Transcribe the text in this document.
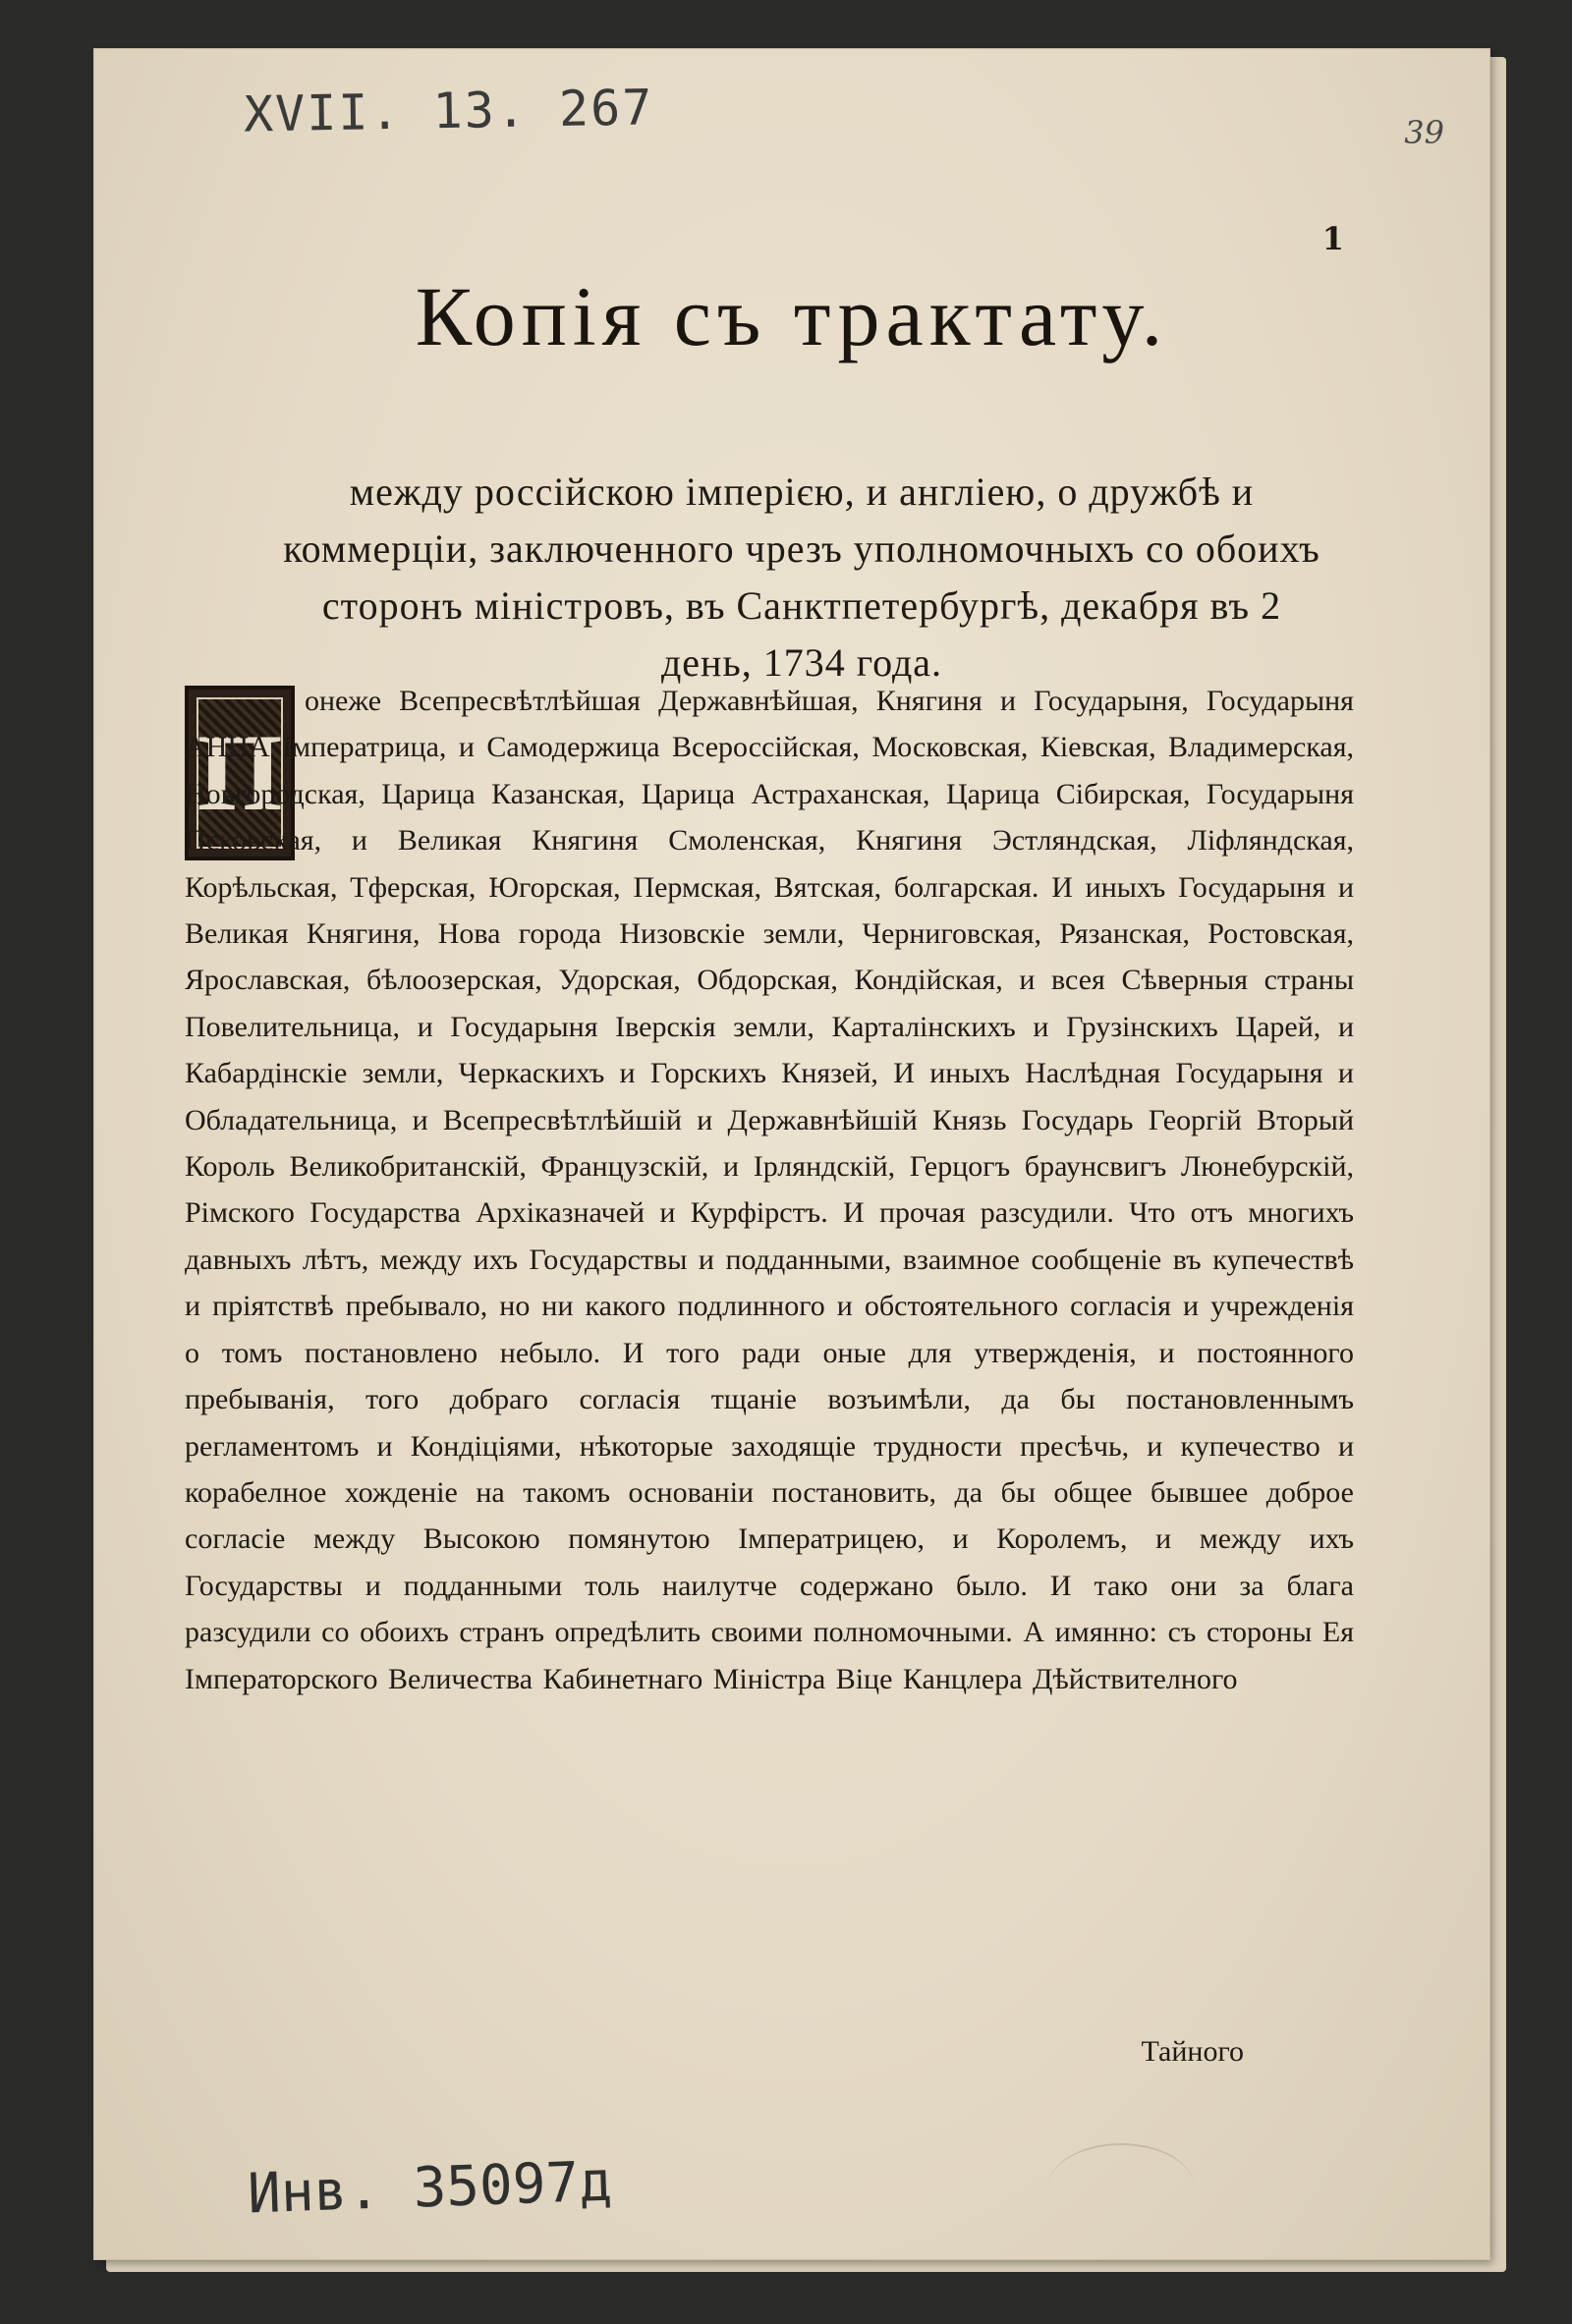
XVII. 13. 267	39
1
Копія съ трактату.
между россійскою імперією, и англіею, о дружбѣ и коммерціи, заключенного чрезъ уполномочныхъ со обоихъ сторонъ міністровъ, въ Санктпетербургѣ, декабря въ 2 день, 1734 года.
П
онеже Всепресвѣтлѣйшая Державнѣйшая, Княгиня и Государыня, Государыня АННА Імператрица, и Самодержица Всероссійская, Московская, Кіевская, Владимерская, Новгородская, Царица Казанская, Царица Астраханская, Царица Сібирская, Государыня Псковская, и Великая Княгиня Смоленская, Княгиня Эстляндская, Ліфляндская, Корѣльская, Тферская, Югорская, Пермская, Вятская, болгарская. И иныхъ Государыня и Великая Княгиня, Нова города Низовскіе земли, Черниговская, Рязанская, Ростовская, Ярославская, бѣлоозерская, Удорская, Обдорская, Кондійская, и всея Сѣверныя страны Повелительница, и Государыня Іверскія земли, Карталінскихъ и Грузінскихъ Царей, и Кабардінскіе земли, Черкаскихъ и Горскихъ Князей, И иныхъ Наслѣдная Государыня и Обладательница, и Всепресвѣтлѣйшій и Державнѣйшій Князь Государь Георгій Вторый Король Великобританскій, Французскій, и Ірляндскій, Герцогъ браунсвигъ Люнебурскій, Рімского Государства Архіказначей и Курфірстъ. И прочая разсудили. Что отъ многихъ давныхъ лѣтъ, между ихъ Государствы и подданными, взаимное сообщеніе въ купечествѣ и пріятствѣ пребывало, но ни какого подлинного и обстоятельного согласія и учрежденія о томъ постановлено небыло. И того ради оные для утвержденія, и постоянного пребыванія, того добраго согласія тщаніе возъимѣли, да бы постановленнымъ регламентомъ и Кондіціями, нѣкоторые заходящіе трудности пресѣчь, и купечество и корабелное хожденіе на такомъ основаніи постановить, да бы общее бывшее доброе согласіе между Высокою помянутою Імператрицею, и Королемъ, и между ихъ Государствы и подданными толь наилутче содержано было. И тако они за блага разсудили со обоихъ странъ опредѣлить своими полномочными. А имянно: съ стороны Ея Імператорского Величества Кабинетнаго Міністра Віце Канцлера Дѣйствителного
Тайного
Инв. 35097д
